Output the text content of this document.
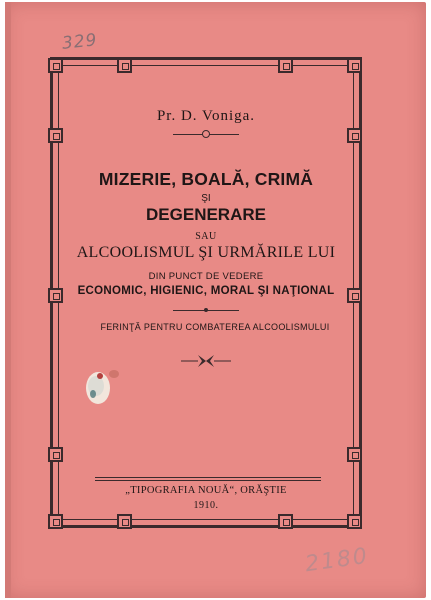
329
Pr. D. Voniga.
MIZERIE, BOALĂ, CRIMĂ
ŞI
DEGENERARE
SAU
ALCOOLISMUL ŞI URMĂRILE LUI
DIN PUNCT DE VEDERE
ECONOMIC, HIGIENIC, MORAL ŞI NAŢIONAL
FERINŢĂ PENTRU COMBATEREA ALCOOLISMULUI
„TIPOGRAFIA NOUĂ“, ORĂŞTIE
1910.
2180
